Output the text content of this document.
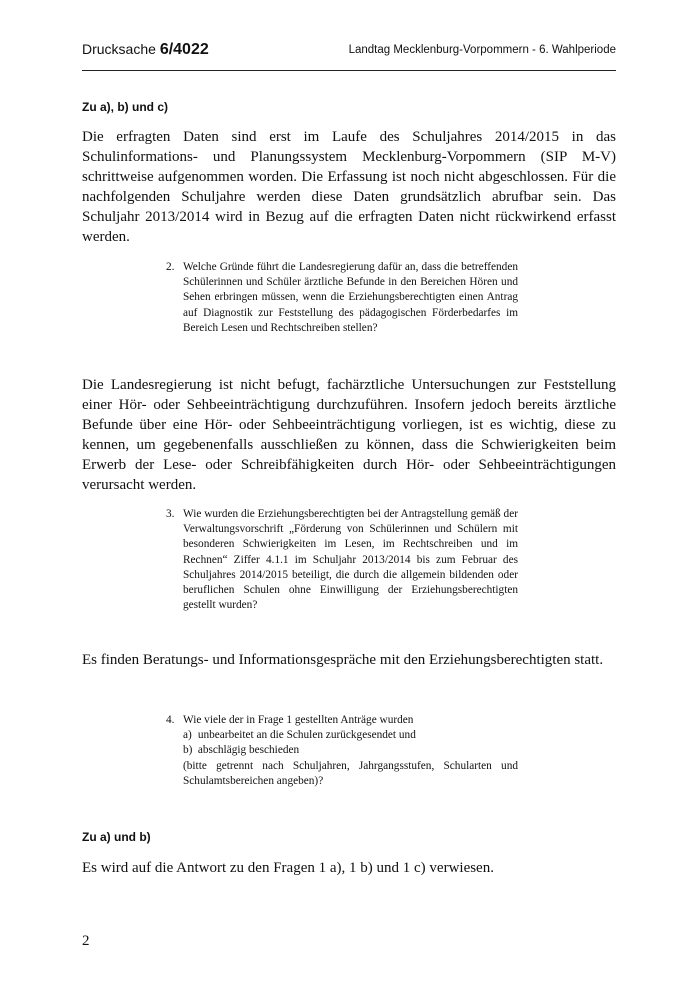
Drucksache 6/4022	Landtag Mecklenburg-Vorpommern - 6. Wahlperiode
Zu a), b) und c)
Die erfragten Daten sind erst im Laufe des Schuljahres 2014/2015 in das Schulinformations- und Planungssystem Mecklenburg-Vorpommern (SIP M-V) schrittweise aufgenommen worden. Die Erfassung ist noch nicht abgeschlossen. Für die nachfolgenden Schuljahre werden diese Daten grundsätzlich abrufbar sein. Das Schuljahr 2013/2014 wird in Bezug auf die erfragten Daten nicht rückwirkend erfasst werden.
2. Welche Gründe führt die Landesregierung dafür an, dass die betreffenden Schülerinnen und Schüler ärztliche Befunde in den Bereichen Hören und Sehen erbringen müssen, wenn die Erziehungsberechtigten einen Antrag auf Diagnostik zur Feststellung des pädagogischen Förderbedarfes im Bereich Lesen und Rechtschreiben stellen?
Die Landesregierung ist nicht befugt, fachärztliche Untersuchungen zur Feststellung einer Hör- oder Sehbeeinträchtigung durchzuführen. Insofern jedoch bereits ärztliche Befunde über eine Hör- oder Sehbeeinträchtigung vorliegen, ist es wichtig, diese zu kennen, um gegebenenfalls ausschließen zu können, dass die Schwierigkeiten beim Erwerb der Lese- oder Schreibfähigkeiten durch Hör- oder Sehbeeinträchtigungen verursacht werden.
3. Wie wurden die Erziehungsberechtigten bei der Antragstellung gemäß der Verwaltungsvorschrift „Förderung von Schülerinnen und Schülern mit besonderen Schwierigkeiten im Lesen, im Rechtschreiben und im Rechnen“ Ziffer 4.1.1 im Schuljahr 2013/2014 bis zum Februar des Schuljahres 2014/2015 beteiligt, die durch die allgemein bildenden oder beruflichen Schulen ohne Einwilligung der Erziehungsberechtigten gestellt wurden?
Es finden Beratungs- und Informationsgespräche mit den Erziehungsberechtigten statt.
4. Wie viele der in Frage 1 gestellten Anträge wurden
a) unbearbeitet an die Schulen zurückgesendet und
b) abschlägig beschieden
(bitte getrennt nach Schuljahren, Jahrgangsstufen, Schularten und Schulamtsbereichen angeben)?
Zu a) und b)
Es wird auf die Antwort zu den Fragen 1 a), 1 b) und 1 c) verwiesen.
2
